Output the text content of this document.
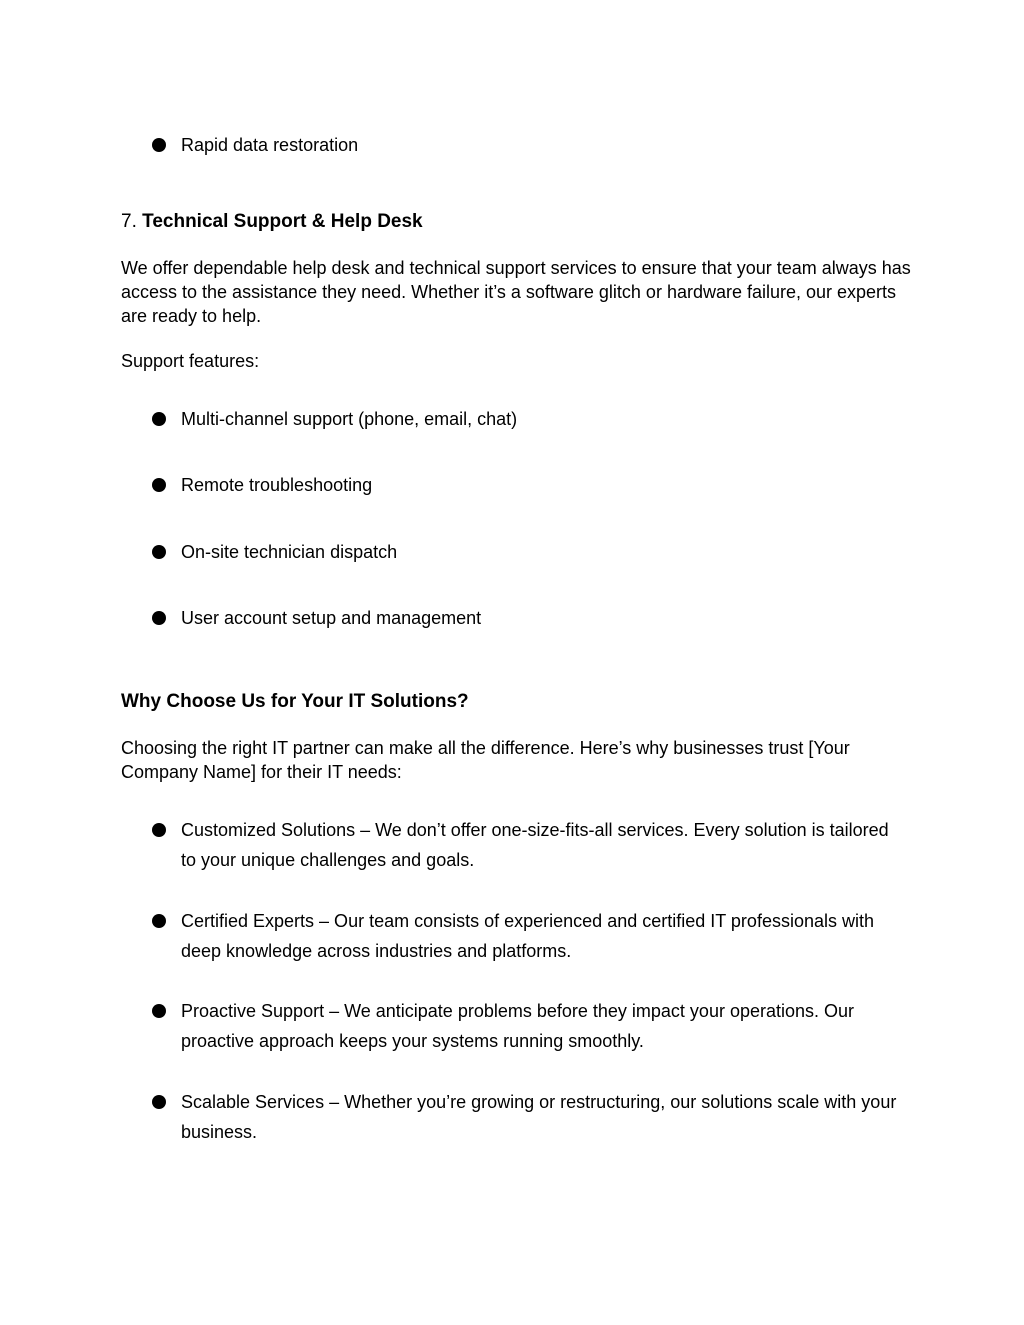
Rapid data restoration
7. Technical Support & Help Desk
We offer dependable help desk and technical support services to ensure that your team always has access to the assistance they need. Whether it’s a software glitch or hardware failure, our experts are ready to help.
Support features:
Multi-channel support (phone, email, chat)
Remote troubleshooting
On-site technician dispatch
User account setup and management
Why Choose Us for Your IT Solutions?
Choosing the right IT partner can make all the difference. Here’s why businesses trust [Your Company Name] for their IT needs:
Customized Solutions – We don’t offer one-size-fits-all services. Every solution is tailored to your unique challenges and goals.
Certified Experts – Our team consists of experienced and certified IT professionals with deep knowledge across industries and platforms.
Proactive Support – We anticipate problems before they impact your operations. Our proactive approach keeps your systems running smoothly.
Scalable Services – Whether you’re growing or restructuring, our solutions scale with your business.
